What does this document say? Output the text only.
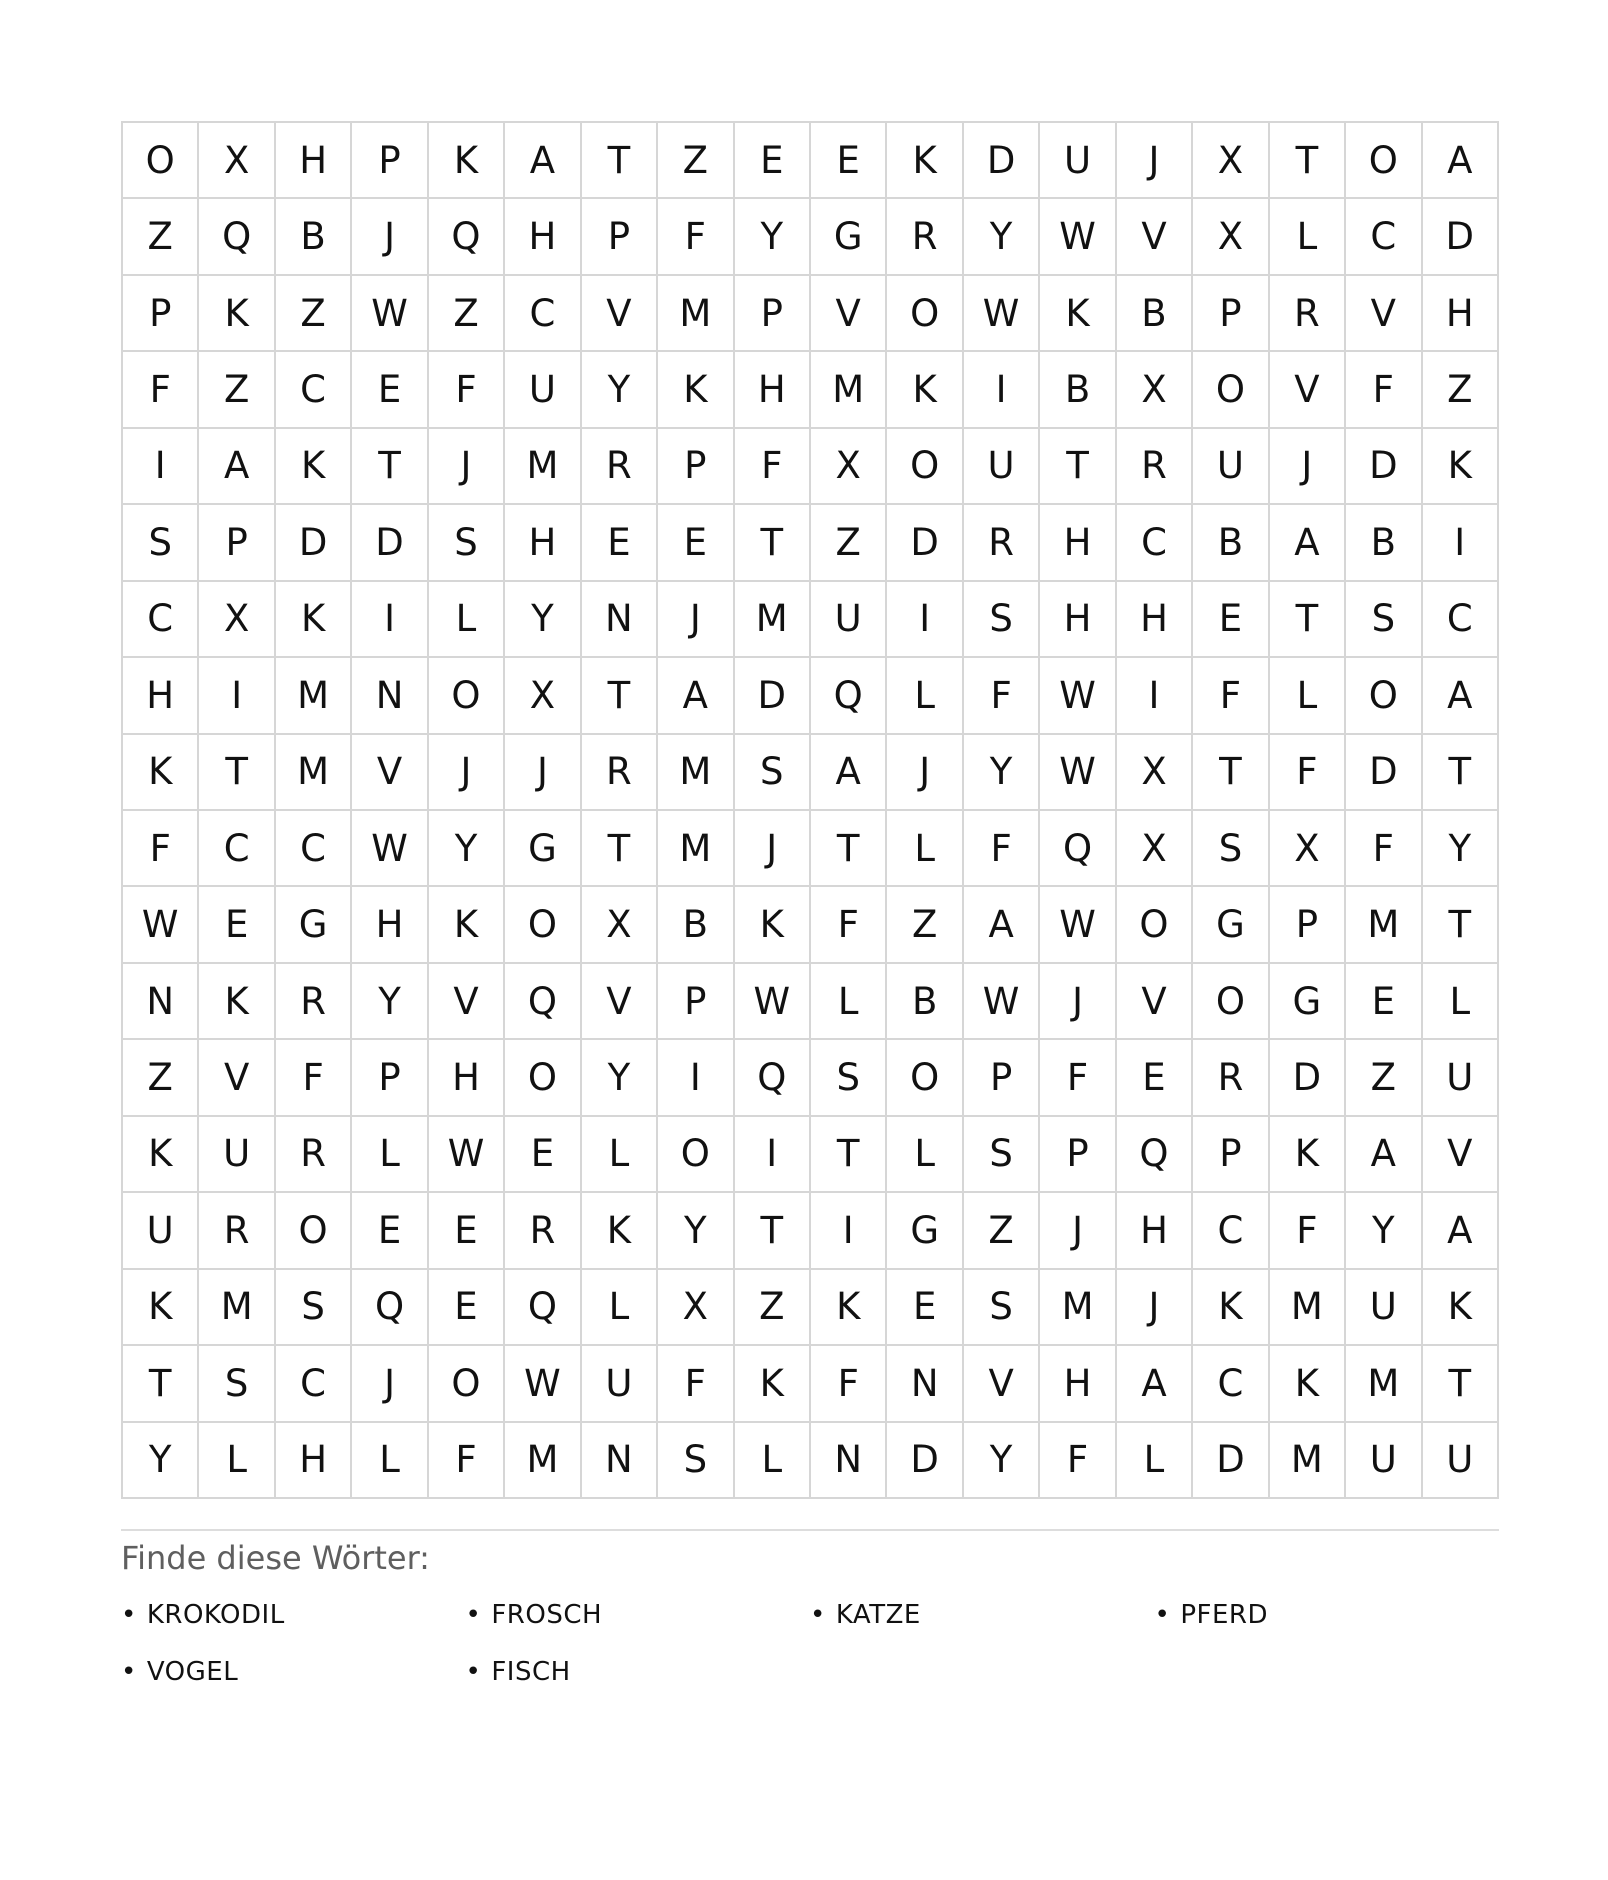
O	X	H	P	K	A	T	Z	E	E	K	D	U	J	X	T	O	A
Z	Q	B	J	Q	H	P	F	Y	G	R	Y	W	V	X	L	C	D
P	K	Z	W	Z	C	V	M	P	V	O	W	K	B	P	R	V	H
F	Z	C	E	F	U	Y	K	H	M	K	I	B	X	O	V	F	Z
I	A	K	T	J	M	R	P	F	X	O	U	T	R	U	J	D	K
S	P	D	D	S	H	E	E	T	Z	D	R	H	C	B	A	B	I
C	X	K	I	L	Y	N	J	M	U	I	S	H	H	E	T	S	C
H	I	M	N	O	X	T	A	D	Q	L	F	W	I	F	L	O	A
K	T	M	V	J	J	R	M	S	A	J	Y	W	X	T	F	D	T
F	C	C	W	Y	G	T	M	J	T	L	F	Q	X	S	X	F	Y
W	E	G	H	K	O	X	B	K	F	Z	A	W	O	G	P	M	T
N	K	R	Y	V	Q	V	P	W	L	B	W	J	V	O	G	E	L
Z	V	F	P	H	O	Y	I	Q	S	O	P	F	E	R	D	Z	U
K	U	R	L	W	E	L	O	I	T	L	S	P	Q	P	K	A	V
U	R	O	E	E	R	K	Y	T	I	G	Z	J	H	C	F	Y	A
K	M	S	Q	E	Q	L	X	Z	K	E	S	M	J	K	M	U	K
T	S	C	J	O	W	U	F	K	F	N	V	H	A	C	K	M	T
Y	L	H	L	F	M	N	S	L	N	D	Y	F	L	D	M	U	U
Finde diese Wörter:
• KROKODIL	• FROSCH	• KATZE	• PFERD
• VOGEL	• FISCH
